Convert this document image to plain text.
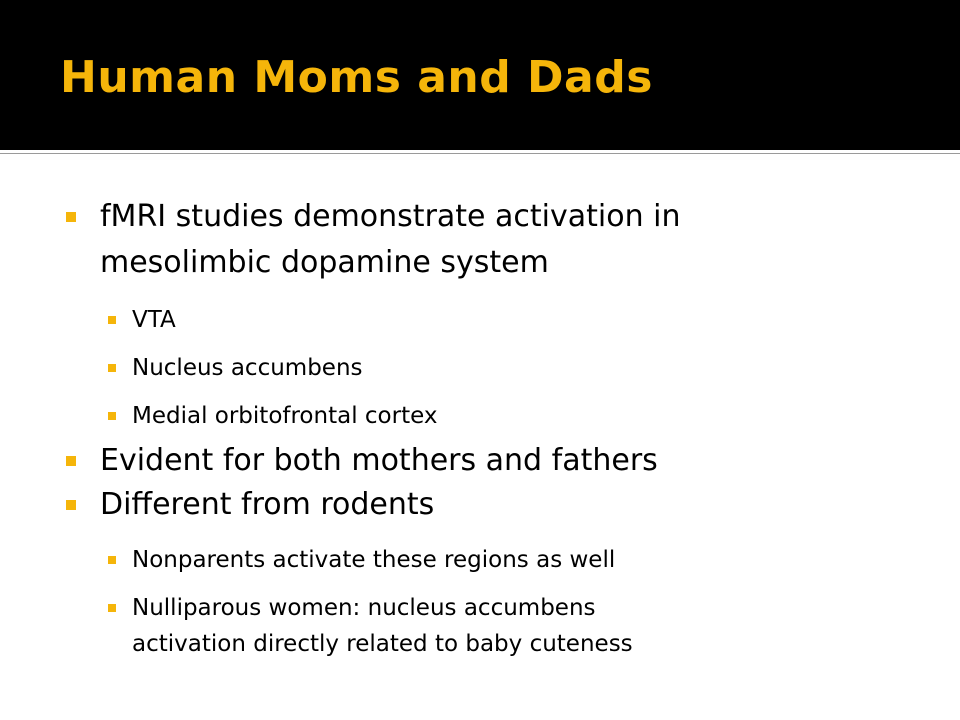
Human Moms and Dads
fMRI studies demonstrate activation in
mesolimbic dopamine system
VTA
Nucleus accumbens
Medial orbitofrontal cortex
Evident for both mothers and fathers
Different from rodents
Nonparents activate these regions as well
Nulliparous women: nucleus accumbens
activation directly related to baby cuteness
